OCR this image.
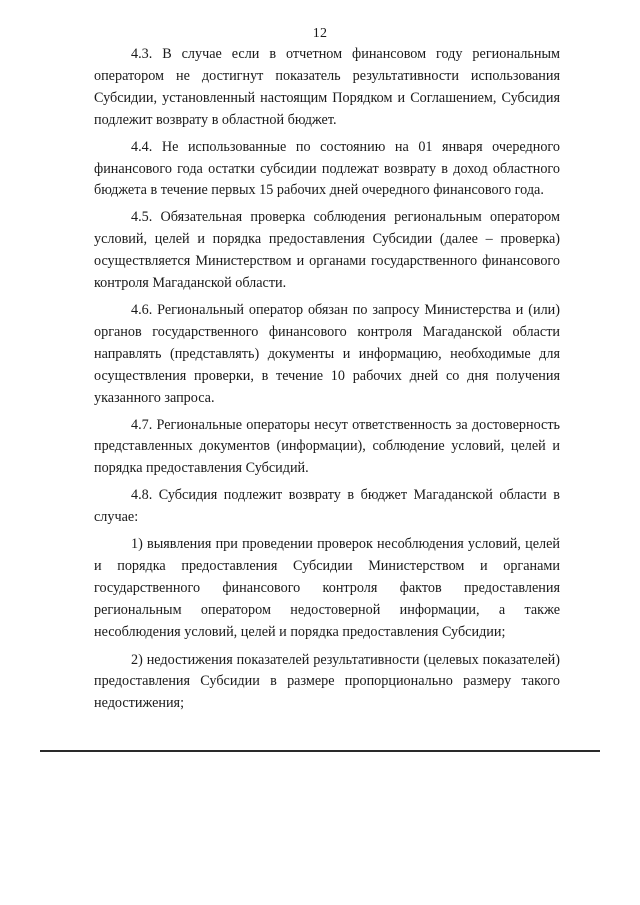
12

4.3. В случае если в отчетном финансовом году региональным оператором не достигнут показатель результативности использования Субсидии, установленный настоящим Порядком и Соглашением, Субсидия подлежит возврату в областной бюджет.

4.4. Не использованные по состоянию на 01 января очередного финансового года остатки субсидии подлежат возврату в доход областного бюджета в течение первых 15 рабочих дней очередного финансового года.

4.5. Обязательная проверка соблюдения региональным оператором условий, целей и порядка предоставления Субсидии (далее – проверка) осуществляется Министерством и органами государственного финансового контроля Магаданской области.

4.6. Региональный оператор обязан по запросу Министерства и (или) органов государственного финансового контроля Магаданской области направлять (представлять) документы и информацию, необходимые для осуществления проверки, в течение 10 рабочих дней со дня получения указанного запроса.

4.7. Региональные операторы несут ответственность за достоверность представленных документов (информации), соблюдение условий, целей и порядка предоставления Субсидий.

4.8. Субсидия подлежит возврату в бюджет Магаданской области в случае:

1) выявления при проведении проверок несоблюдения условий, целей и порядка предоставления Субсидии Министерством и органами государственного финансового контроля фактов предоставления региональным оператором недостоверной информации, а также несоблюдения условий, целей и порядка предоставления Субсидии;

2) недостижения показателей результативности (целевых показателей) предоставления Субсидии в размере пропорционально размеру такого недостижения;
